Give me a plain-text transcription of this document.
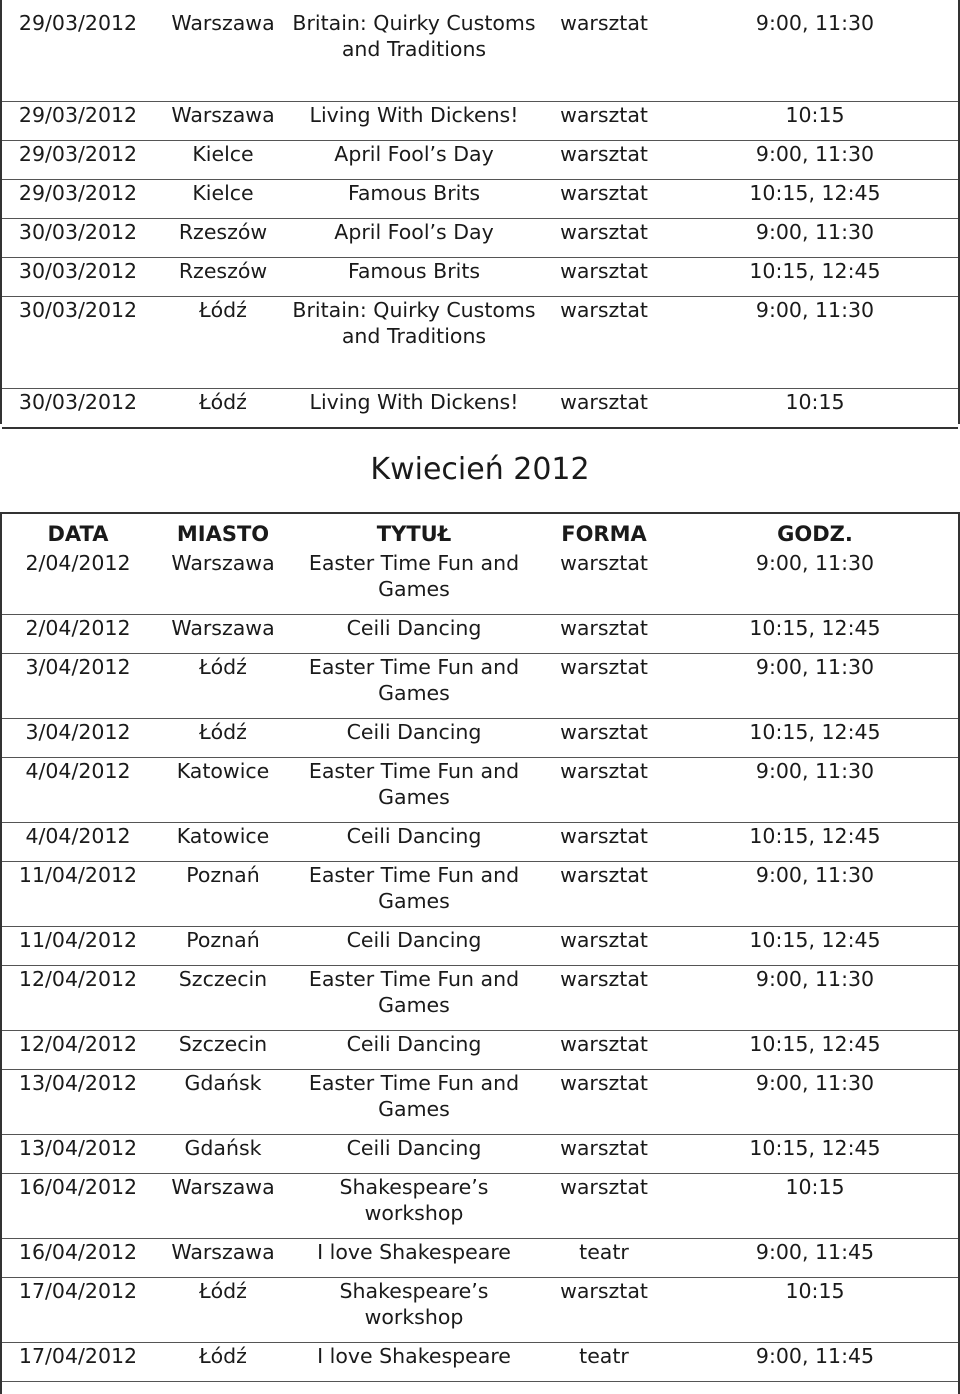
29/03/2012	Warszawa	Britain: Quirky Customs and Traditions	warsztat	9:00, 11:30
29/03/2012	Warszawa	Living With Dickens!	warsztat	10:15
29/03/2012	Kielce	April Fool’s Day	warsztat	9:00, 11:30
29/03/2012	Kielce	Famous Brits	warsztat	10:15, 12:45
30/03/2012	Rzeszów	April Fool’s Day	warsztat	9:00, 11:30
30/03/2012	Rzeszów	Famous Brits	warsztat	10:15, 12:45
30/03/2012	Łódź	Britain: Quirky Customs and Traditions	warsztat	9:00, 11:30
30/03/2012	Łódź	Living With Dickens!	warsztat	10:15
Kwiecień 2012
DATA	MIASTO	TYTUŁ	FORMA	GODZ.
2/04/2012	Warszawa	Easter Time Fun and Games	warsztat	9:00, 11:30
2/04/2012	Warszawa	Ceili Dancing	warsztat	10:15, 12:45
3/04/2012	Łódź	Easter Time Fun and Games	warsztat	9:00, 11:30
3/04/2012	Łódź	Ceili Dancing	warsztat	10:15, 12:45
4/04/2012	Katowice	Easter Time Fun and Games	warsztat	9:00, 11:30
4/04/2012	Katowice	Ceili Dancing	warsztat	10:15, 12:45
11/04/2012	Poznań	Easter Time Fun and Games	warsztat	9:00, 11:30
11/04/2012	Poznań	Ceili Dancing	warsztat	10:15, 12:45
12/04/2012	Szczecin	Easter Time Fun and Games	warsztat	9:00, 11:30
12/04/2012	Szczecin	Ceili Dancing	warsztat	10:15, 12:45
13/04/2012	Gdańsk	Easter Time Fun and Games	warsztat	9:00, 11:30
13/04/2012	Gdańsk	Ceili Dancing	warsztat	10:15, 12:45
16/04/2012	Warszawa	Shakespeare’s workshop	warsztat	10:15
16/04/2012	Warszawa	I love Shakespeare	teatr	9:00, 11:45
17/04/2012	Łódź	Shakespeare’s workshop	warsztat	10:15
17/04/2012	Łódź	I love Shakespeare	teatr	9:00, 11:45
